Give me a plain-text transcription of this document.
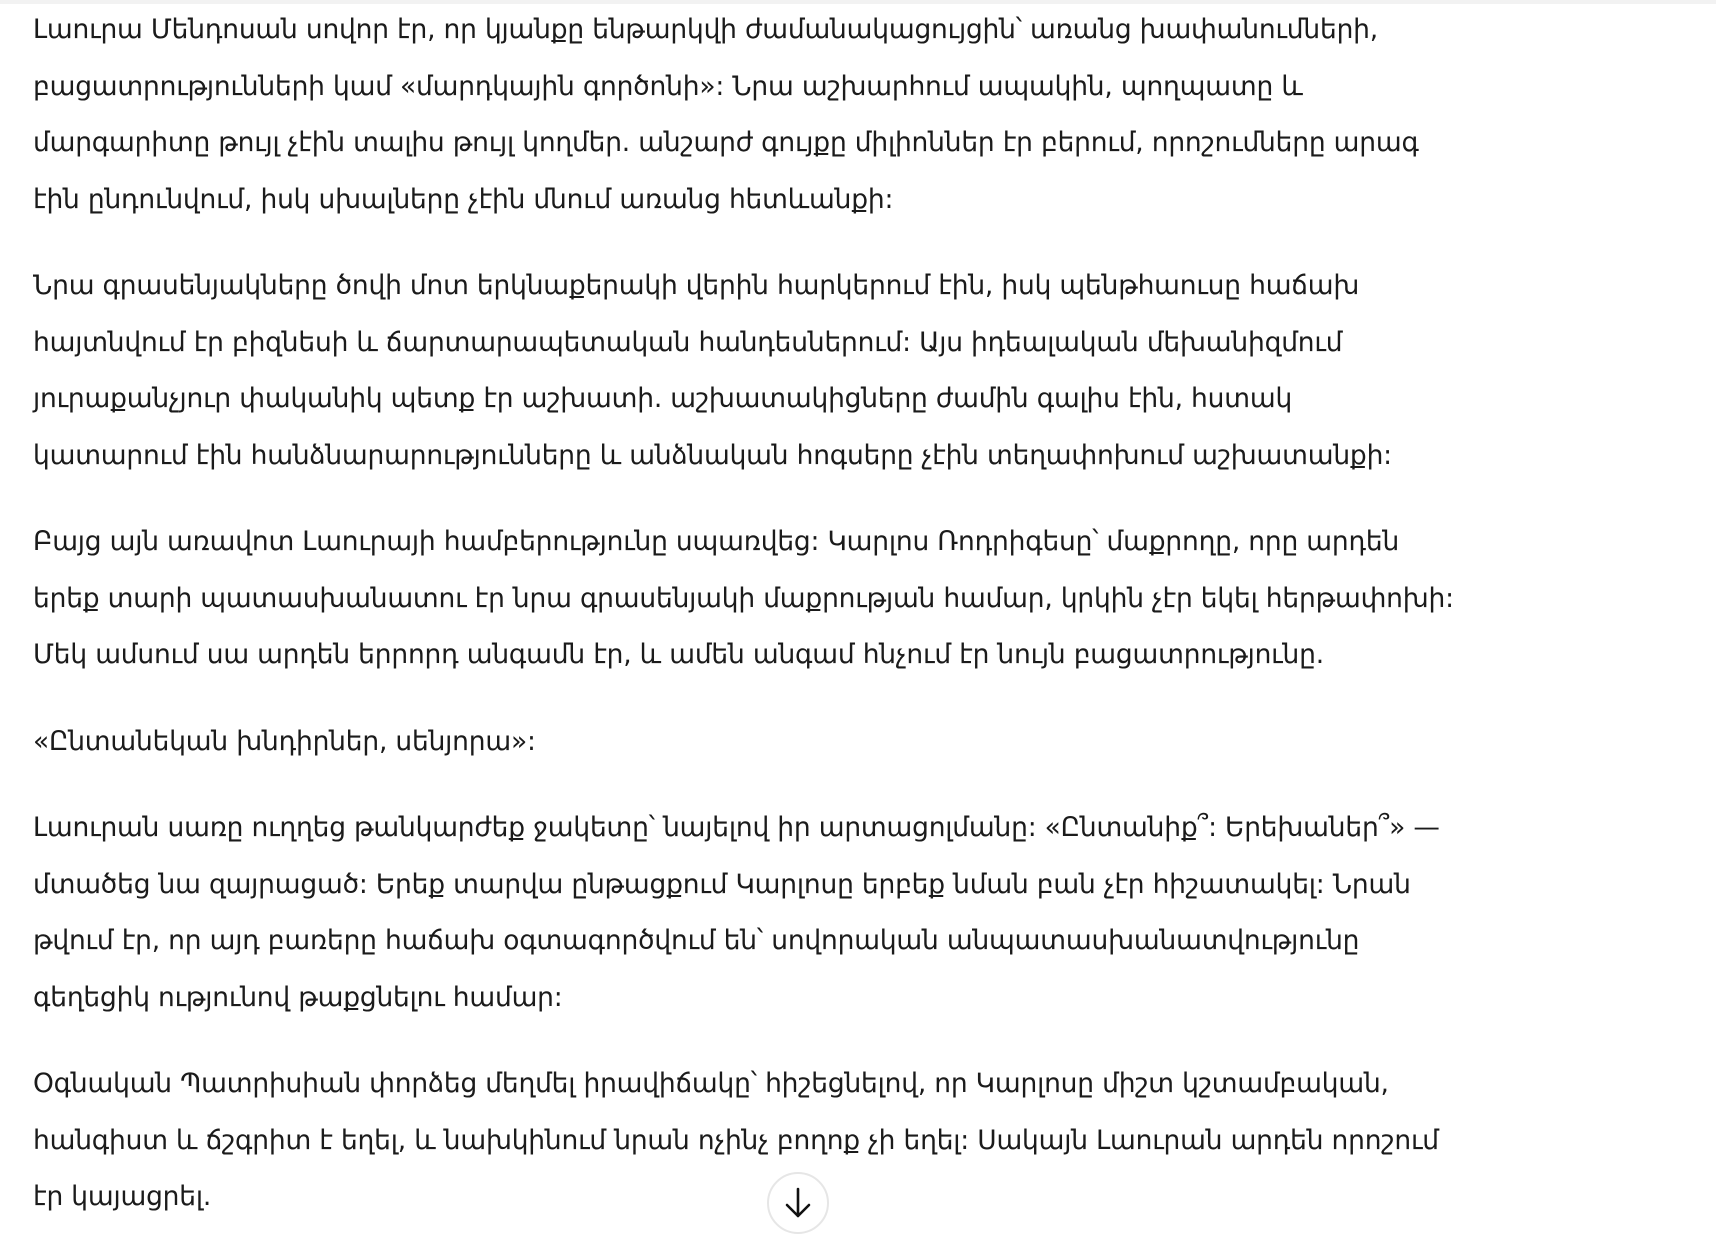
Լաուրա Մենդոսան սովոր էր, որ կյանքը ենթարկվի ժամանակացույցին՝ առանց խափանումների,
բացատրությունների կամ «մարդկային գործոնի»: Նրա աշխարհում ապակին, պողպատը և
մարգարիտը թույլ չէին տալիս թույլ կողմեր. անշարժ գույքը միլիոններ էր բերում, որոշումները արագ
էին ընդունվում, իսկ սխալները չէին մնում առանց հետևանքի:

Նրա գրասենյակները ծովի մոտ երկնաքերակի վերին հարկերում էին, իսկ պենթհաուսը հաճախ
հայտնվում էր բիզնեսի և ճարտարապետական հանդեսներում: Այս իդեալական մեխանիզմում
յուրաքանչյուր փականիկ պետք էր աշխատի. աշխատակիցները ժամին գալիս էին, հստակ
կատարում էին հանձնարարությունները և անձնական հոգսերը չէին տեղափոխում աշխատանքի:

Բայց այն առավոտ Լաուրայի համբերությունը սպառվեց: Կարլոս Ռոդրիգեսը՝ մաքրողը, որը արդեն
երեք տարի պատասխանատու էր նրա գրասենյակի մաքրության համար, կրկին չէր եկել հերթափոխի:
Մեկ ամսում սա արդեն երրորդ անգամն էր, և ամեն անգամ հնչում էր նույն բացատրությունը.

«Ընտանեկան խնդիրներ, սենյորա»:

Լաուրան սառը ուղղեց թանկարժեք ջակետը՝ նայելով իր արտացոլմանը: «Ընտանիք՞: Երեխաներ՞» —
մտածեց նա զայրացած: Երեք տարվա ընթացքում Կարլոսը երբեք նման բան չէր հիշատակել: Նրան
թվում էր, որ այդ բառերը հաճախ օգտագործվում են՝ սովորական անպատասխանատվությունը
գեղեցիկ ությունով թաքցնելու համար:

Օգնական Պատրիսիան փորձեց մեղմել իրավիճակը՝ հիշեցնելով, որ Կարլոսը միշտ կշտամբական,
հանգիստ և ճշգրիտ է եղել, և նախկինում նրան ոչինչ բողոք չի եղել: Սակայն Լաուրան արդեն որոշում
էր կայացրել.
